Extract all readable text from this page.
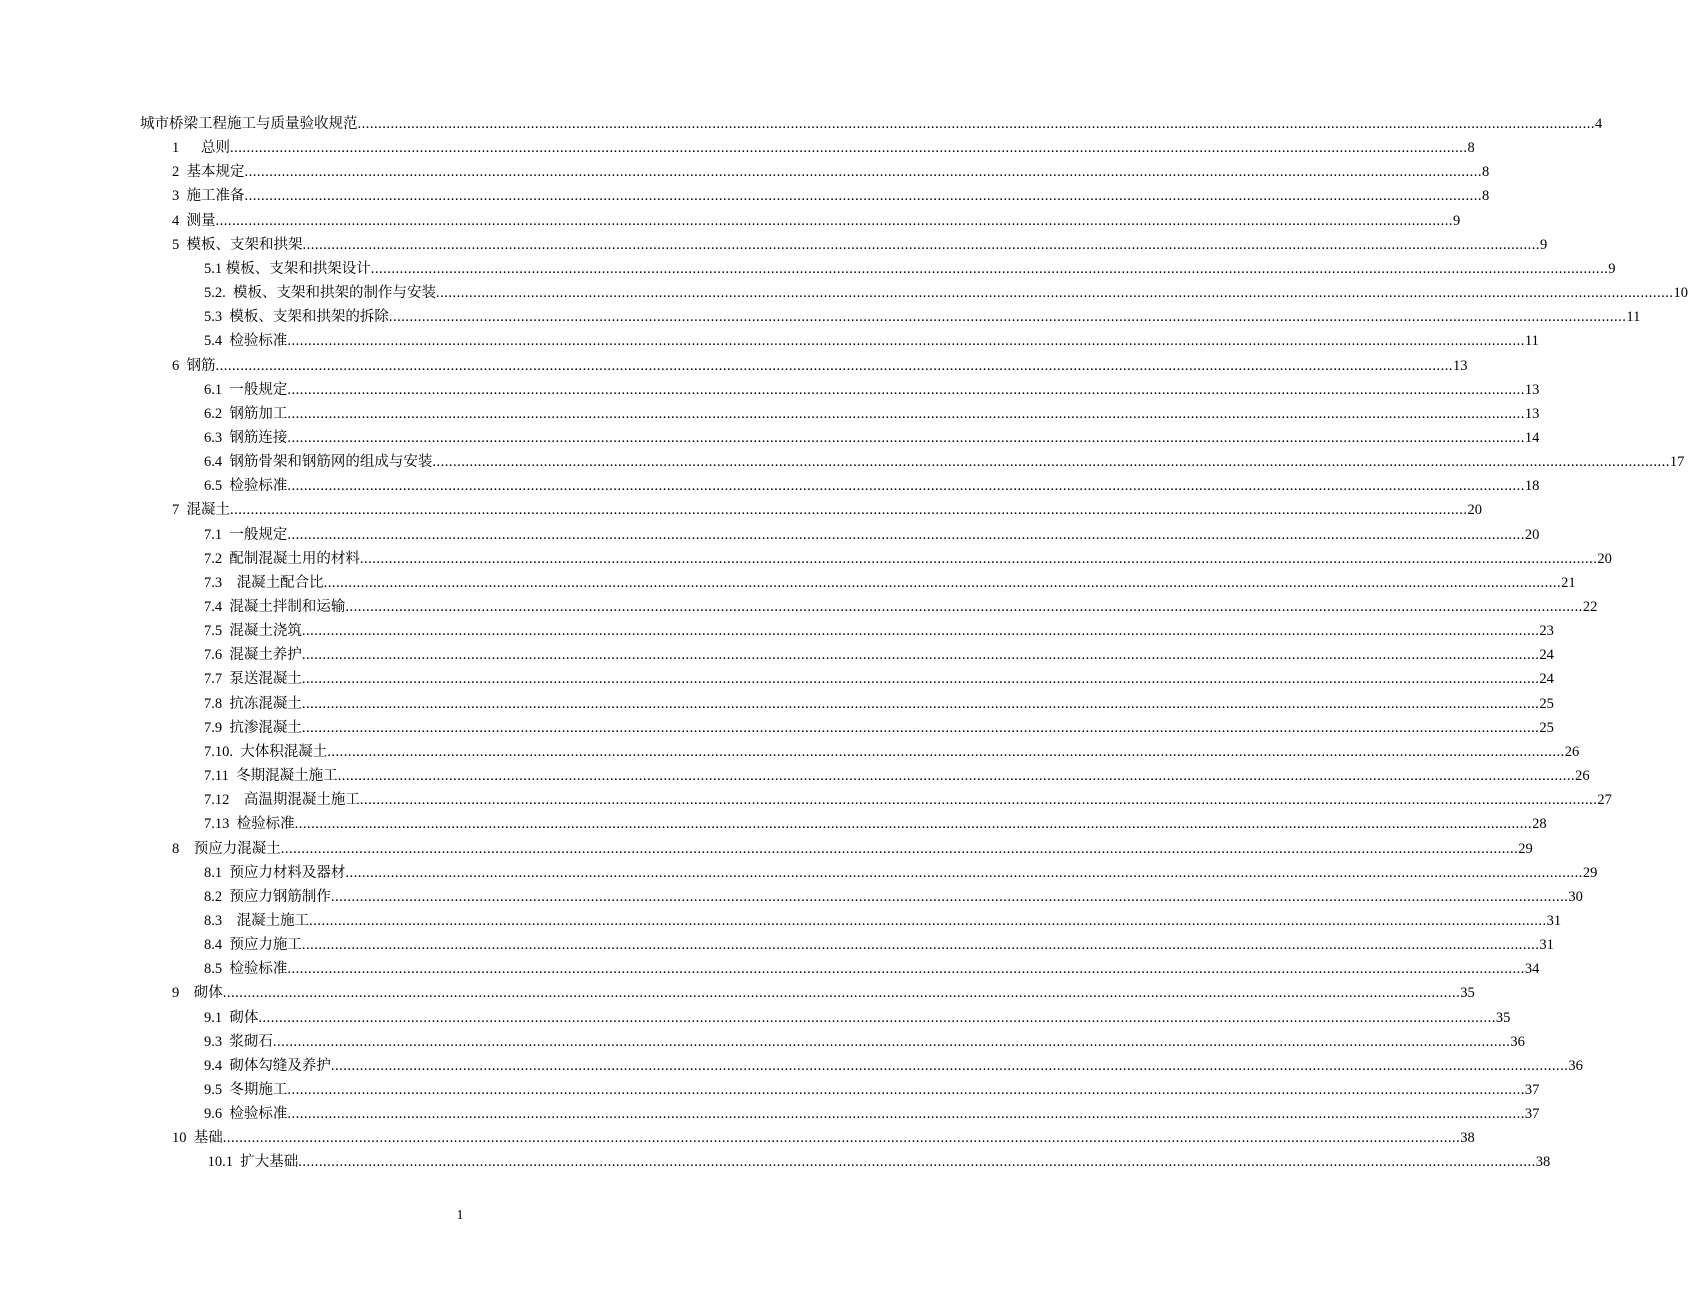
城市桥梁工程施工与质量验收规范 ............................................................................................................................................................................................................................................................................................................ 4
1      总则 ............................................................................................................................................................................................................................................................................................................ 8
2  基本规定 ............................................................................................................................................................................................................................................................................................................ 8
3  施工准备 ............................................................................................................................................................................................................................................................................................................ 8
4  测量 ............................................................................................................................................................................................................................................................................................................ 9
5  模板、支架和拱架 ............................................................................................................................................................................................................................................................................................................ 9
5.1 模板、支架和拱架设计 ............................................................................................................................................................................................................................................................................................................ 9
5.2.  模板、支架和拱架的制作与安装 ............................................................................................................................................................................................................................................................................................................ 10
5.3  模板、支架和拱架的拆除 ............................................................................................................................................................................................................................................................................................................ 11
5.4  检验标准 ............................................................................................................................................................................................................................................................................................................ 11
6  钢筋 ............................................................................................................................................................................................................................................................................................................ 13
6.1  一般规定 ............................................................................................................................................................................................................................................................................................................ 13
6.2  钢筋加工 ............................................................................................................................................................................................................................................................................................................ 13
6.3  钢筋连接 ............................................................................................................................................................................................................................................................................................................ 14
6.4  钢筋骨架和钢筋网的组成与安装 ............................................................................................................................................................................................................................................................................................................ 17
6.5  检验标准 ............................................................................................................................................................................................................................................................................................................ 18
7  混凝土 ............................................................................................................................................................................................................................................................................................................ 20
7.1  一般规定 ............................................................................................................................................................................................................................................................................................................ 20
7.2  配制混凝土用的材料 ............................................................................................................................................................................................................................................................................................................ 20
7.3    混凝土配合比 ............................................................................................................................................................................................................................................................................................................ 21
7.4  混凝土拌制和运输 ............................................................................................................................................................................................................................................................................................................ 22
7.5  混凝土浇筑 ............................................................................................................................................................................................................................................................................................................ 23
7.6  混凝土养护 ............................................................................................................................................................................................................................................................................................................ 24
7.7  泵送混凝土 ............................................................................................................................................................................................................................................................................................................ 24
7.8  抗冻混凝土 ............................................................................................................................................................................................................................................................................................................ 25
7.9  抗渗混凝土 ............................................................................................................................................................................................................................................................................................................ 25
7.10.  大体积混凝土 ............................................................................................................................................................................................................................................................................................................ 26
7.11  冬期混凝土施工 ............................................................................................................................................................................................................................................................................................................ 26
7.12    高温期混凝土施工 ............................................................................................................................................................................................................................................................................................................ 27
7.13  检验标准 ............................................................................................................................................................................................................................................................................................................ 28
8    预应力混凝土 ............................................................................................................................................................................................................................................................................................................ 29
8.1  预应力材料及器材 ............................................................................................................................................................................................................................................................................................................ 29
8.2  预应力钢筋制作 ............................................................................................................................................................................................................................................................................................................ 30
8.3    混凝土施工 ............................................................................................................................................................................................................................................................................................................ 31
8.4  预应力施工 ............................................................................................................................................................................................................................................................................................................ 31
8.5  检验标准 ............................................................................................................................................................................................................................................................................................................ 34
9    砌体 ............................................................................................................................................................................................................................................................................................................ 35
9.1  砌体 ............................................................................................................................................................................................................................................................................................................ 35
9.3  浆砌石 ............................................................................................................................................................................................................................................................................................................ 36
9.4  砌体勾缝及养护 ............................................................................................................................................................................................................................................................................................................ 36
9.5  冬期施工 ............................................................................................................................................................................................................................................................................................................ 37
9.6  检验标准 ............................................................................................................................................................................................................................................................................................................ 37
10  基础 ............................................................................................................................................................................................................................................................................................................ 38
10.1  扩大基础 ............................................................................................................................................................................................................................................................................................................ 38
1
